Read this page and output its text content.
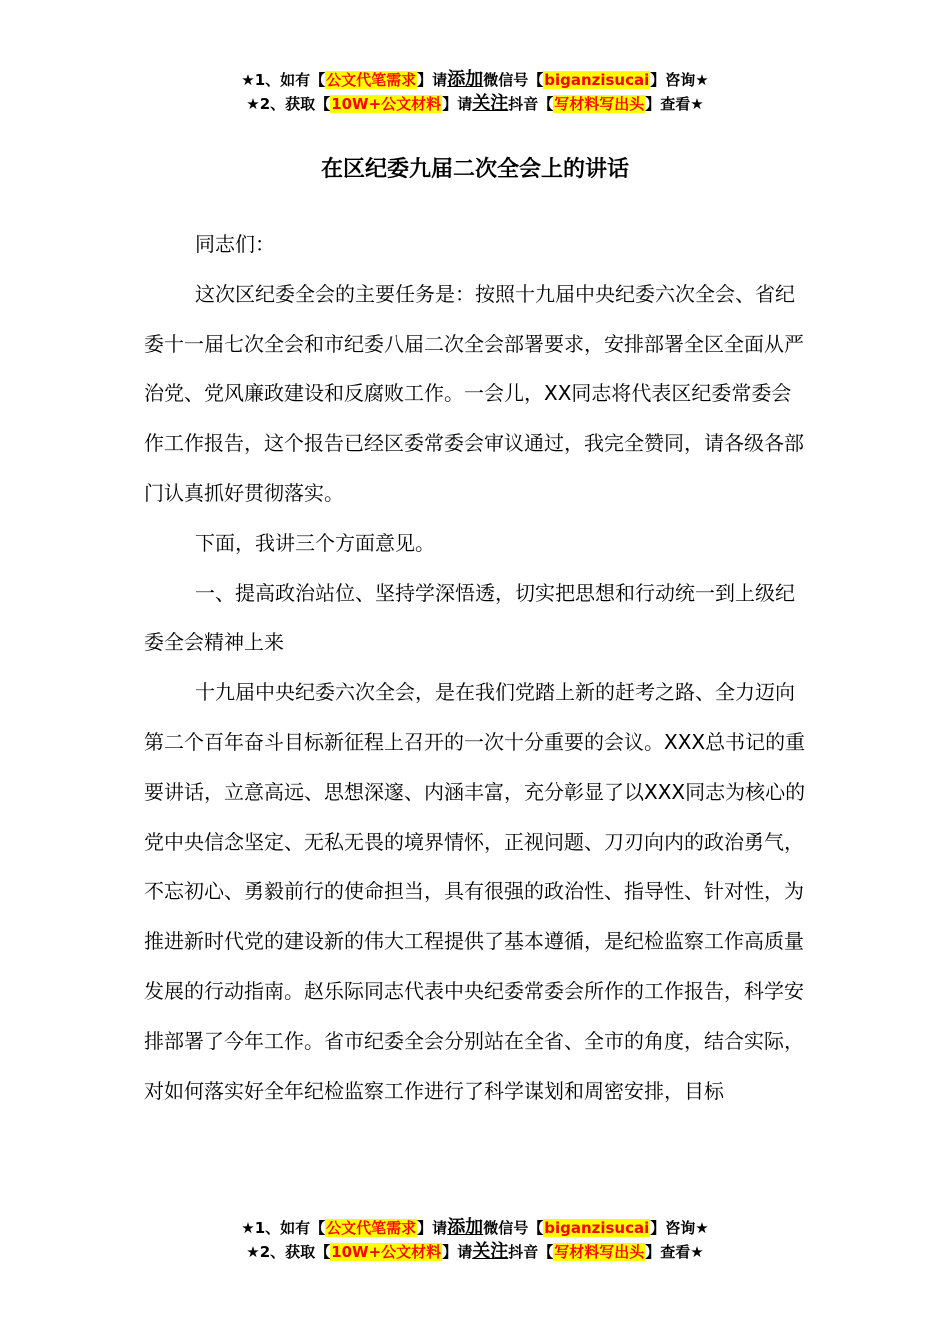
★1、如有【公文代笔需求】请添加微信号【biganzisucai】咨询★
★2、获取【10W+公文材料】请关注抖音【写材料写出头】查看★
在区纪委九届二次全会上的讲话

同志们：

这次区纪委全会的主要任务是：按照十九届中央纪委六次全会、省纪委十一届七次全会和市纪委八届二次全会部署要求，安排部署全区全面从严治党、党风廉政建设和反腐败工作。一会儿，XX同志将代表区纪委常委会作工作报告，这个报告已经区委常委会审议通过，我完全赞同，请各级各部门认真抓好贯彻落实。

下面，我讲三个方面意见。

一、提高政治站位、坚持学深悟透，切实把思想和行动统一到上级纪委全会精神上来

十九届中央纪委六次全会，是在我们党踏上新的赶考之路、全力迈向第二个百年奋斗目标新征程上召开的一次十分重要的会议。XXX总书记的重要讲话，立意高远、思想深邃、内涵丰富，充分彰显了以XXX同志为核心的党中央信念坚定、无私无畏的境界情怀，正视问题、刀刃向内的政治勇气，不忘初心、勇毅前行的使命担当，具有很强的政治性、指导性、针对性，为推进新时代党的建设新的伟大工程提供了基本遵循，是纪检监察工作高质量发展的行动指南。赵乐际同志代表中央纪委常委会所作的工作报告，科学安排部署了今年工作。省市纪委全会分别站在全省、全市的角度，结合实际，对如何落实好全年纪检监察工作进行了科学谋划和周密安排，目标

★1、如有【公文代笔需求】请添加微信号【biganzisucai】咨询★
★2、获取【10W+公文材料】请关注抖音【写材料写出头】查看★
